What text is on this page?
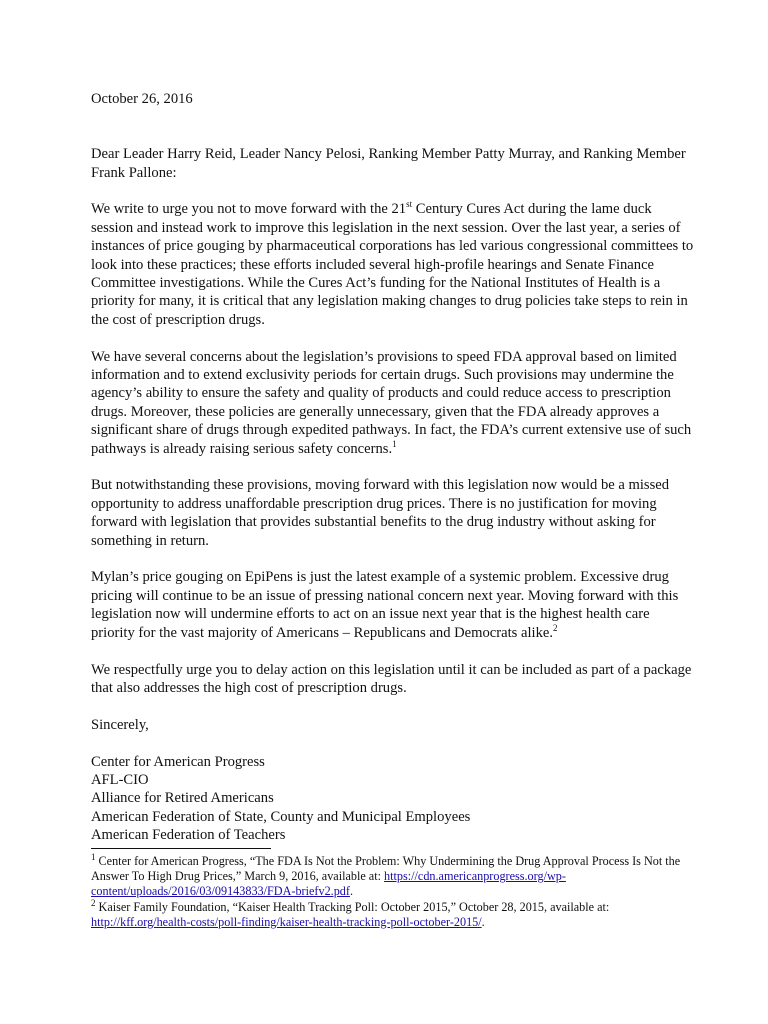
October 26, 2016

Dear Leader Harry Reid, Leader Nancy Pelosi, Ranking Member Patty Murray, and Ranking Member Frank Pallone:

We write to urge you not to move forward with the 21st Century Cures Act during the lame duck session and instead work to improve this legislation in the next session. Over the last year, a series of instances of price gouging by pharmaceutical corporations has led various congressional committees to look into these practices; these efforts included several high-profile hearings and Senate Finance Committee investigations. While the Cures Act’s funding for the National Institutes of Health is a priority for many, it is critical that any legislation making changes to drug policies take steps to rein in the cost of prescription drugs.

We have several concerns about the legislation’s provisions to speed FDA approval based on limited information and to extend exclusivity periods for certain drugs. Such provisions may undermine the agency’s ability to ensure the safety and quality of products and could reduce access to prescription drugs. Moreover, these policies are generally unnecessary, given that the FDA already approves a significant share of drugs through expedited pathways. In fact, the FDA’s current extensive use of such pathways is already raising serious safety concerns.$^1$

But notwithstanding these provisions, moving forward with this legislation now would be a missed opportunity to address unaffordable prescription drug prices. There is no justification for moving forward with legislation that provides substantial benefits to the drug industry without asking for something in return.

Mylan’s price gouging on EpiPens is just the latest example of a systemic problem. Excessive drug pricing will continue to be an issue of pressing national concern next year. Moving forward with this legislation now will undermine efforts to act on an issue next year that is the highest health care priority for the vast majority of Americans – Republicans and Democrats alike.$^2$

We respectfully urge you to delay action on this legislation until it can be included as part of a package that also addresses the high cost of prescription drugs.

Sincerely,

Center for American Progress
AFL-CIO
Alliance for Retired Americans
American Federation of State, County and Municipal Employees
American Federation of Teachers

$^1$ Center for American Progress, “The FDA Is Not the Problem: Why Undermining the Drug Approval Process Is Not the Answer To High Drug Prices,” March 9, 2016, available at: https://cdn.americanprogress.org/wp-content/uploads/2016/03/09143833/FDA-briefv2.pdf.

$^2$ Kaiser Family Foundation, “Kaiser Health Tracking Poll: October 2015,” October 28, 2015, available at: http://kff.org/health-costs/poll-finding/kaiser-health-tracking-poll-october-2015/.
